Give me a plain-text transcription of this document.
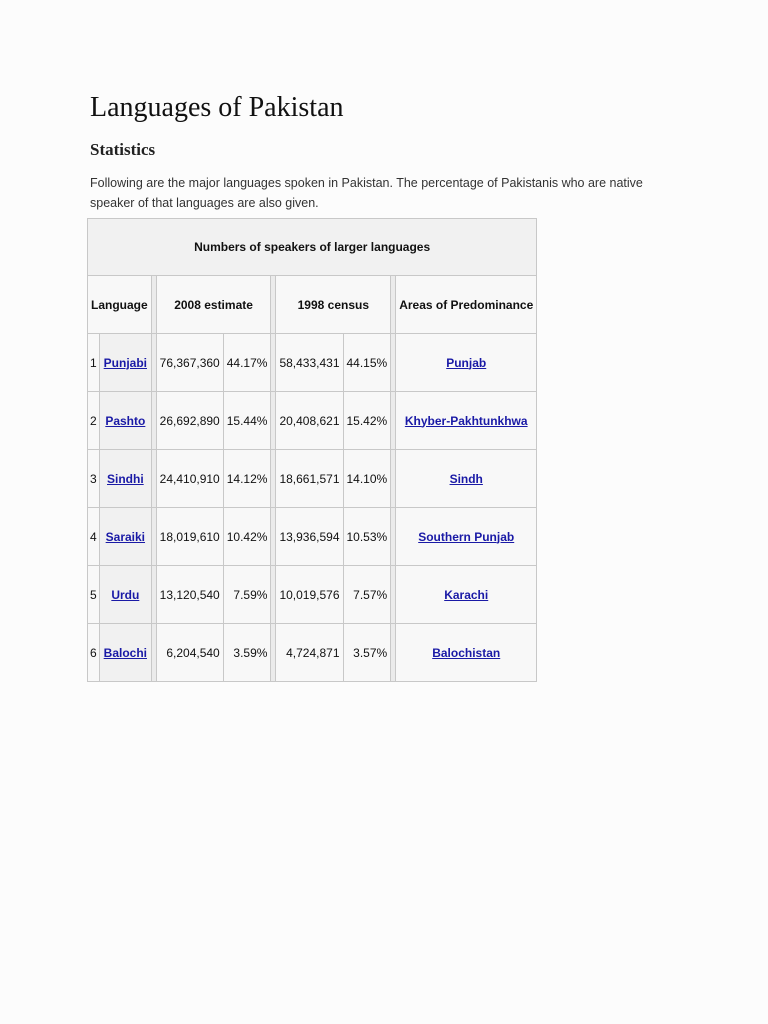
Languages of Pakistan
Statistics

Following are the major languages spoken in Pakistan. The percentage of Pakistanis who are native speaker of that languages are also given.

Numbers of speakers of larger languages									
Language			2008 estimate			1998 census			Areas of Predominance
1	Punjabi		76,367,360	44.17%		58,433,431	44.15%		Punjab
2	Pashto		26,692,890	15.44%		20,408,621	15.42%		Khyber-Pakhtunkhwa
3	Sindhi		24,410,910	14.12%		18,661,571	14.10%		Sindh
4	Saraiki		18,019,610	10.42%		13,936,594	10.53%		Southern Punjab
5	Urdu		13,120,540	7.59%		10,019,576	7.57%		Karachi
6	Balochi		6,204,540	3.59%		4,724,871	3.57%		Balochistan
